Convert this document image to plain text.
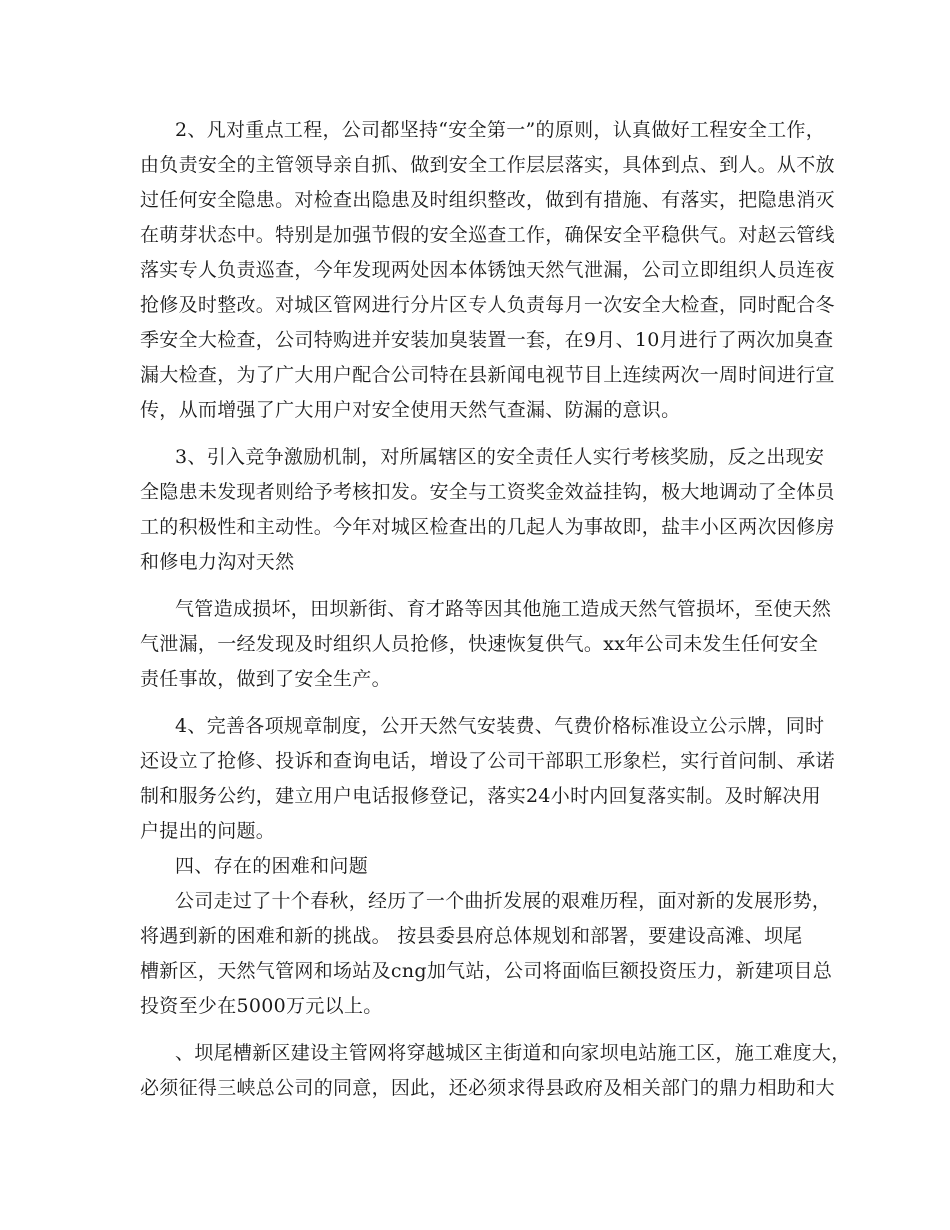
2、凡对重点工程，公司都坚持“安全第一”的原则，认真做好工程安全工作，
由负责安全的主管领导亲自抓、做到安全工作层层落实，具体到点、到人。从不放
过任何安全隐患。对检查出隐患及时组织整改，做到有措施、有落实，把隐患消灭
在萌芽状态中。特别是加强节假的安全巡查工作，确保安全平稳供气。对赵云管线
落实专人负责巡查，今年发现两处因本体锈蚀天然气泄漏，公司立即组织人员连夜
抢修及时整改。对城区管网进行分片区专人负责每月一次安全大检查，同时配合冬
季安全大检查，公司特购进并安装加臭装置一套，在9月、10月进行了两次加臭查
漏大检查，为了广大用户配合公司特在县新闻电视节目上连续两次一周时间进行宣
传，从而增强了广大用户对安全使用天然气查漏、防漏的意识。
3、引入竞争激励机制，对所属辖区的安全责任人实行考核奖励，反之出现安
全隐患未发现者则给予考核扣发。安全与工资奖金效益挂钩，极大地调动了全体员
工的积极性和主动性。今年对城区检查出的几起人为事故即，盐丰小区两次因修房
和修电力沟对天然
气管造成损坏，田坝新街、育才路等因其他施工造成天然气管损坏，至使天然
气泄漏，一经发现及时组织人员抢修，快速恢复供气。xx年公司未发生任何安全
责任事故，做到了安全生产。
4、完善各项规章制度，公开天然气安装费、气费价格标准设立公示牌，同时
还设立了抢修、投诉和查询电话，增设了公司干部职工形象栏，实行首问制、承诺
制和服务公约，建立用户电话报修登记，落实24小时内回复落实制。及时解决用
户提出的问题。
四、存在的困难和问题
公司走过了十个春秋，经历了一个曲折发展的艰难历程，面对新的发展形势，
将遇到新的困难和新的挑战。 按县委县府总体规划和部署，要建设高滩、坝尾
槽新区，天然气管网和场站及cng加气站，公司将面临巨额投资压力，新建项目总
投资至少在5000万元以上。
、坝尾槽新区建设主管网将穿越城区主街道和向家坝电站施工区，施工难度大，
必须征得三峡总公司的同意，因此，还必须求得县政府及相关部门的鼎力相助和大
